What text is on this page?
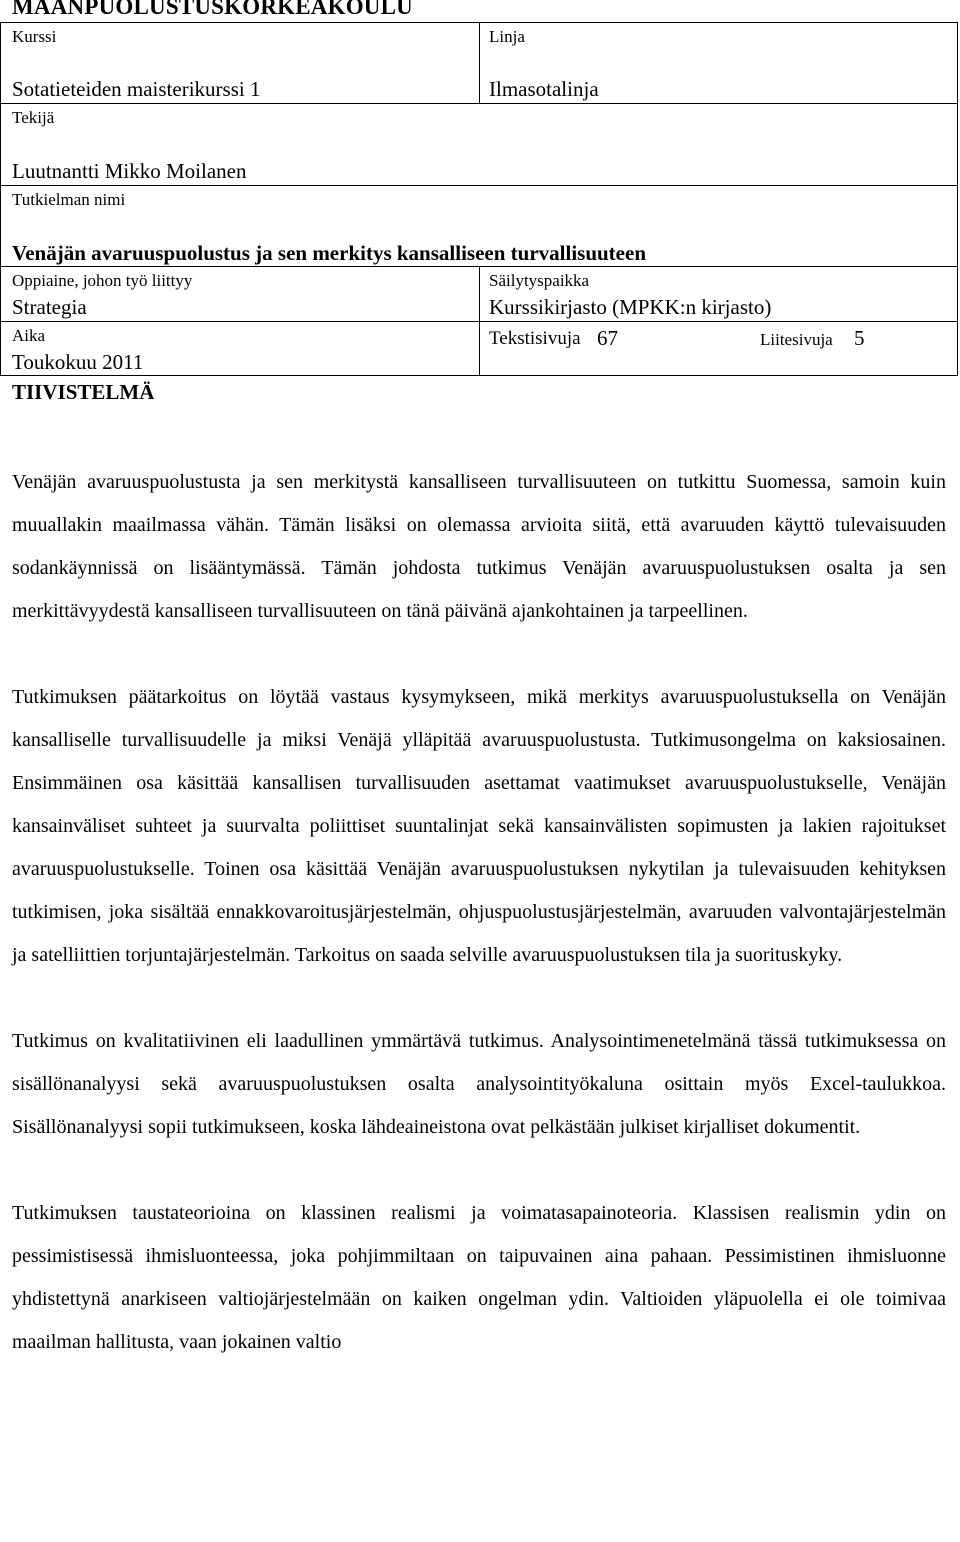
MAANPUOLUSTUSKORKEAKOULU
Kurssi
Sotatieteiden maisterikurssi 1
Linja
Ilmasotalinja
Tekijä
Luutnantti Mikko Moilanen
Tutkielman nimi
Venäjän avaruuspuolustus ja sen merkitys kansalliseen turvallisuuteen
Oppiaine, johon työ liittyy
Strategia
Säilytyspaikka
Kurssikirjasto (MPKK:n kirjasto)
Aika
Toukokuu 2011
Tekstisivuja 67	Liitesivuja 5
TIIVISTELMÄ

Venäjän avaruuspuolustusta ja sen merkitystä kansalliseen turvallisuuteen on tutkittu Suomessa, samoin kuin muuallakin maailmassa vähän. Tämän lisäksi on olemassa arvioita siitä, että avaruuden käyttö tulevaisuuden sodankäynnissä on lisääntymässä. Tämän johdosta tutkimus Venäjän avaruuspuolustuksen osalta ja sen merkittävyydestä kansalliseen turvallisuuteen on tänä päivänä ajankohtainen ja tarpeellinen.

Tutkimuksen päätarkoitus on löytää vastaus kysymykseen, mikä merkitys avaruuspuolustuksella on Venäjän kansalliselle turvallisuudelle ja miksi Venäjä ylläpitää avaruuspuolustusta. Tutkimusongelma on kaksiosainen. Ensimmäinen osa käsittää kansallisen turvallisuuden asettamat vaatimukset avaruuspuolustukselle, Venäjän kansainväliset suhteet ja suurvalta poliittiset suuntalinjat sekä kansainvälisten sopimusten ja lakien rajoitukset avaruuspuolustukselle. Toinen osa käsittää Venäjän avaruuspuolustuksen nykytilan ja tulevaisuuden kehityksen tutkimisen, joka sisältää ennakkovaroitusjärjestelmän, ohjuspuolustusjärjestelmän, avaruuden valvontajärjestelmän ja satelliittien torjuntajärjestelmän. Tarkoitus on saada selville avaruuspuolustuksen tila ja suorituskyky.

Tutkimus on kvalitatiivinen eli laadullinen ymmärtävä tutkimus. Analysointimenetelmänä tässä tutkimuksessa on sisällönanalyysi sekä avaruuspuolustuksen osalta analysointityökaluna osittain myös Excel-taulukkoa. Sisällönanalyysi sopii tutkimukseen, koska lähdeaineistona ovat pelkästään julkiset kirjalliset dokumentit.

Tutkimuksen taustateorioina on klassinen realismi ja voimatasapainoteoria. Klassisen realismin ydin on pessimistisessä ihmisluonteessa, joka pohjimmiltaan on taipuvainen aina pahaan. Pessimistinen ihmisluonne yhdistettynä anarkiseen valtiojärjestelmään on kaiken ongelman ydin. Valtioiden yläpuolella ei ole toimivaa maailman hallitusta, vaan jokainen valtio
